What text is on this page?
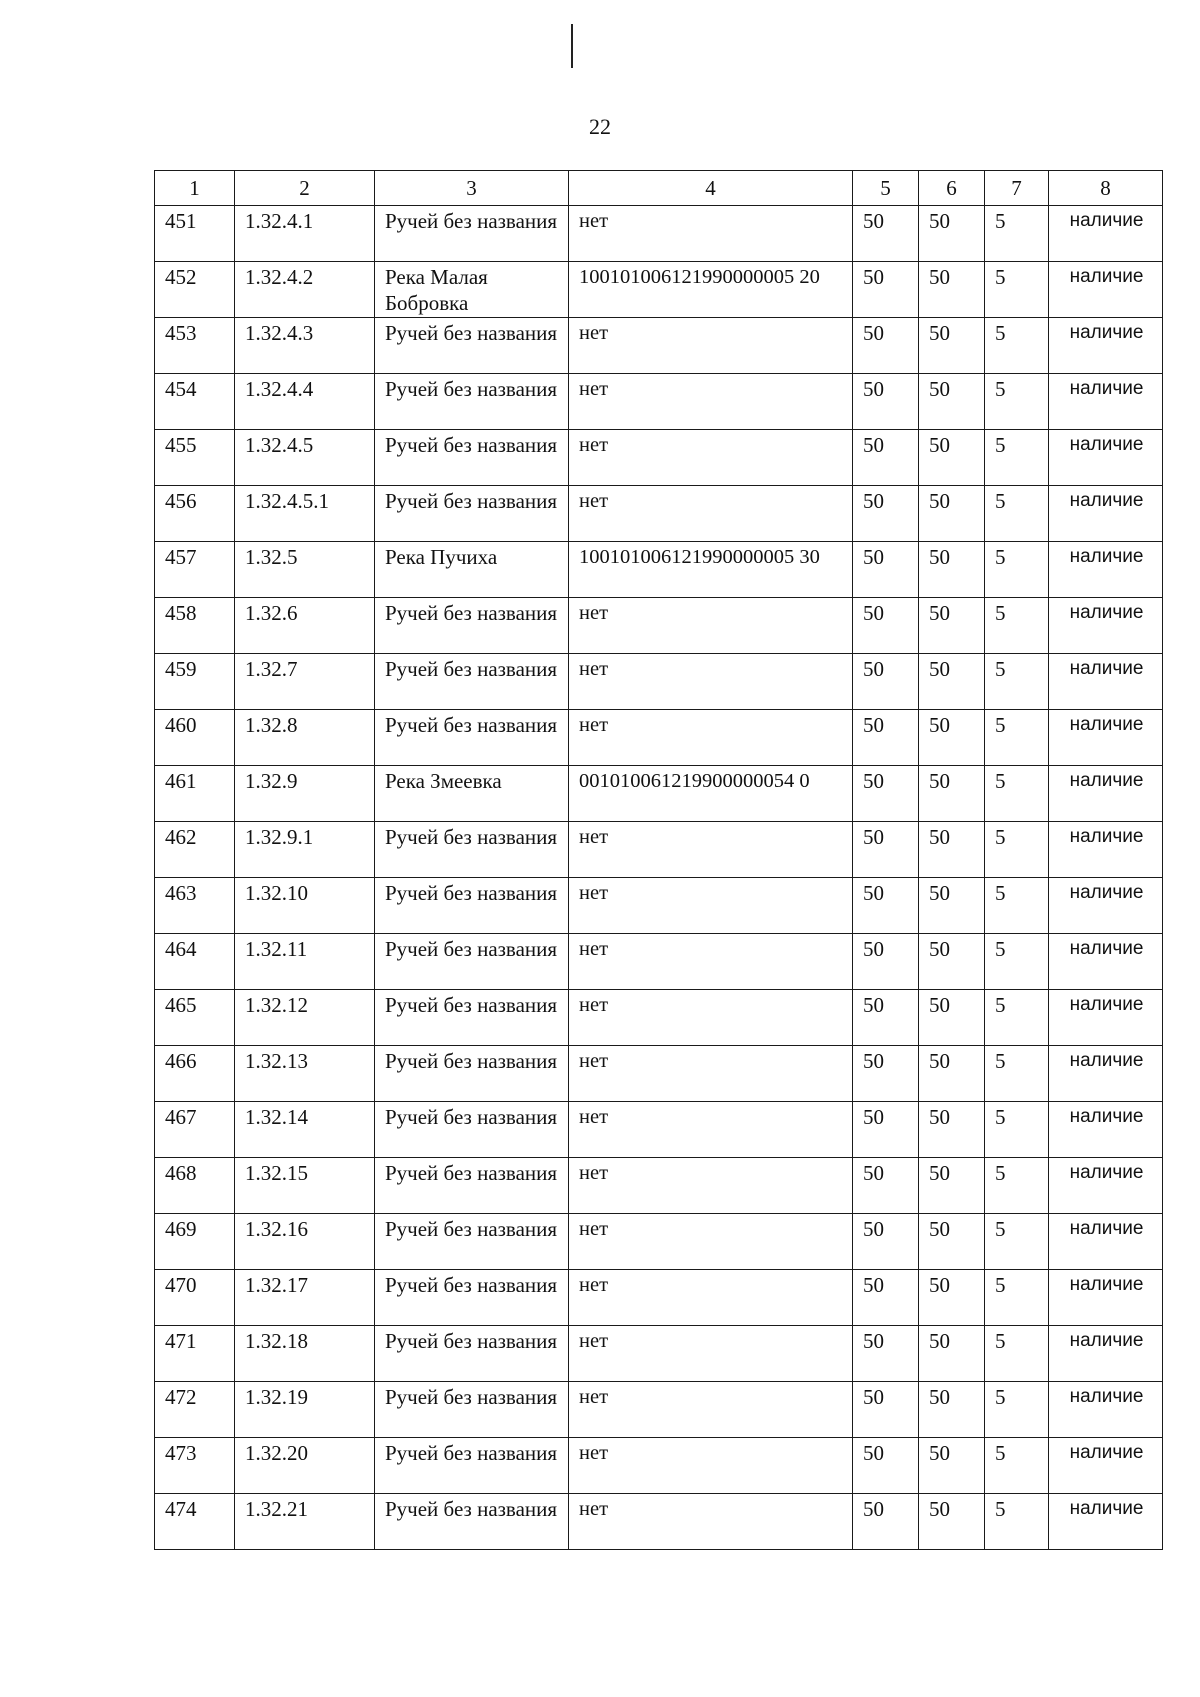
22
1	2	3	4	5	6	7	8
451	1.32.4.1	Ручей без названия	нет	50	50	5	наличие
452	1.32.4.2	Река Малая Бобровка	100101006121990000005 20	50	50	5	наличие
453	1.32.4.3	Ручей без названия	нет	50	50	5	наличие
454	1.32.4.4	Ручей без названия	нет	50	50	5	наличие
455	1.32.4.5	Ручей без названия	нет	50	50	5	наличие
456	1.32.4.5.1	Ручей без названия	нет	50	50	5	наличие
457	1.32.5	Река Пучиха	100101006121990000005 30	50	50	5	наличие
458	1.32.6	Ручей без названия	нет	50	50	5	наличие
459	1.32.7	Ручей без названия	нет	50	50	5	наличие
460	1.32.8	Ручей без названия	нет	50	50	5	наличие
461	1.32.9	Река Змеевка	001010061219900000054 0	50	50	5	наличие
462	1.32.9.1	Ручей без названия	нет	50	50	5	наличие
463	1.32.10	Ручей без названия	нет	50	50	5	наличие
464	1.32.11	Ручей без названия	нет	50	50	5	наличие
465	1.32.12	Ручей без названия	нет	50	50	5	наличие
466	1.32.13	Ручей без названия	нет	50	50	5	наличие
467	1.32.14	Ручей без названия	нет	50	50	5	наличие
468	1.32.15	Ручей без названия	нет	50	50	5	наличие
469	1.32.16	Ручей без названия	нет	50	50	5	наличие
470	1.32.17	Ручей без названия	нет	50	50	5	наличие
471	1.32.18	Ручей без названия	нет	50	50	5	наличие
472	1.32.19	Ручей без названия	нет	50	50	5	наличие
473	1.32.20	Ручей без названия	нет	50	50	5	наличие
474	1.32.21	Ручей без названия	нет	50	50	5	наличие
